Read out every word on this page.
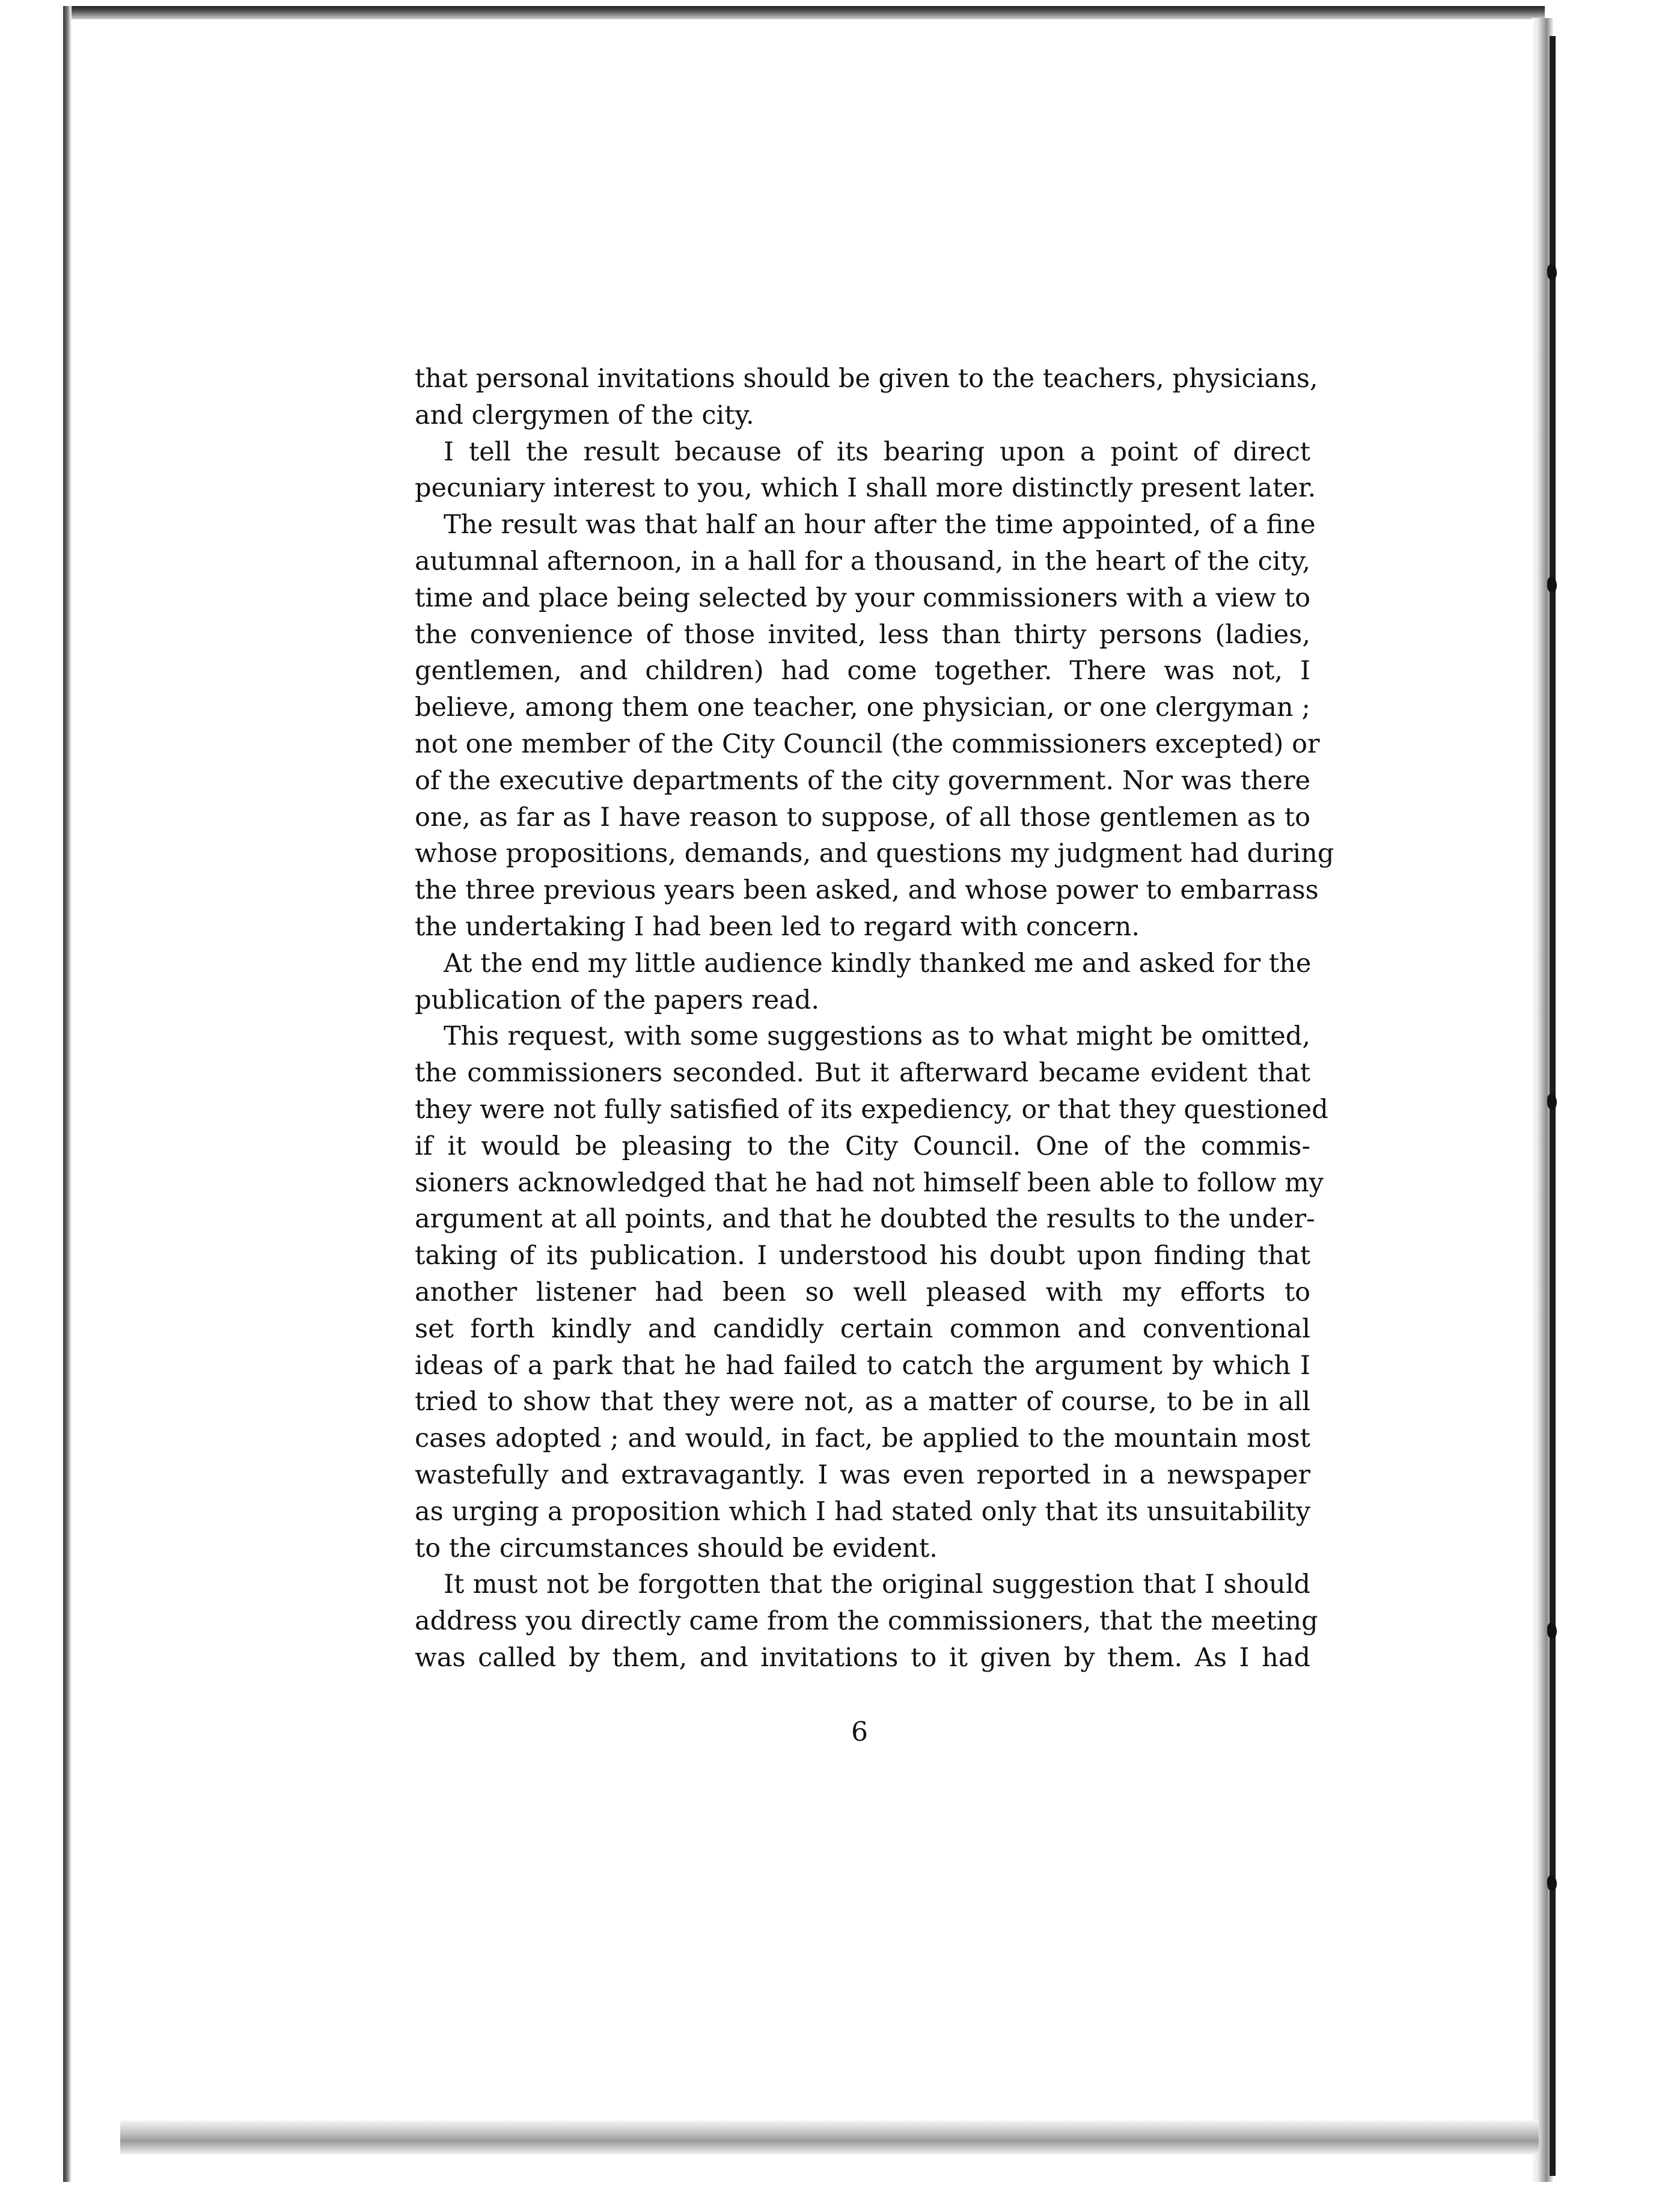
that personal invitations should be given to the teachers, physicians,
and clergymen of the city.

I tell the result because of its bearing upon a point of direct
pecuniary interest to you, which I shall more distinctly present later.

The result was that half an hour after the time appointed, of a fine
autumnal afternoon, in a hall for a thousand, in the heart of the city,
time and place being selected by your commissioners with a view to
the convenience of those invited, less than thirty persons (ladies,
gentlemen, and children) had come together. There was not, I
believe, among them one teacher, one physician, or one clergyman ;
not one member of the City Council (the commissioners excepted) or
of the executive departments of the city government. Nor was there
one, as far as I have reason to suppose, of all those gentlemen as to
whose propositions, demands, and questions my judgment had during
the three previous years been asked, and whose power to embarrass
the undertaking I had been led to regard with concern.

At the end my little audience kindly thanked me and asked for the
publication of the papers read.

This request, with some suggestions as to what might be omitted,
the commissioners seconded. But it afterward became evident that
they were not fully satisfied of its expediency, or that they questioned
if it would be pleasing to the City Council. One of the commis-
sioners acknowledged that he had not himself been able to follow my
argument at all points, and that he doubted the results to the under-
taking of its publication. I understood his doubt upon finding that
another listener had been so well pleased with my efforts to
set forth kindly and candidly certain common and conventional
ideas of a park that he had failed to catch the argument by which I
tried to show that they were not, as a matter of course, to be in all
cases adopted ; and would, in fact, be applied to the mountain most
wastefully and extravagantly. I was even reported in a newspaper
as urging a proposition which I had stated only that its unsuitability
to the circumstances should be evident.

It must not be forgotten that the original suggestion that I should
address you directly came from the commissioners, that the meeting
was called by them, and invitations to it given by them. As I had

6
